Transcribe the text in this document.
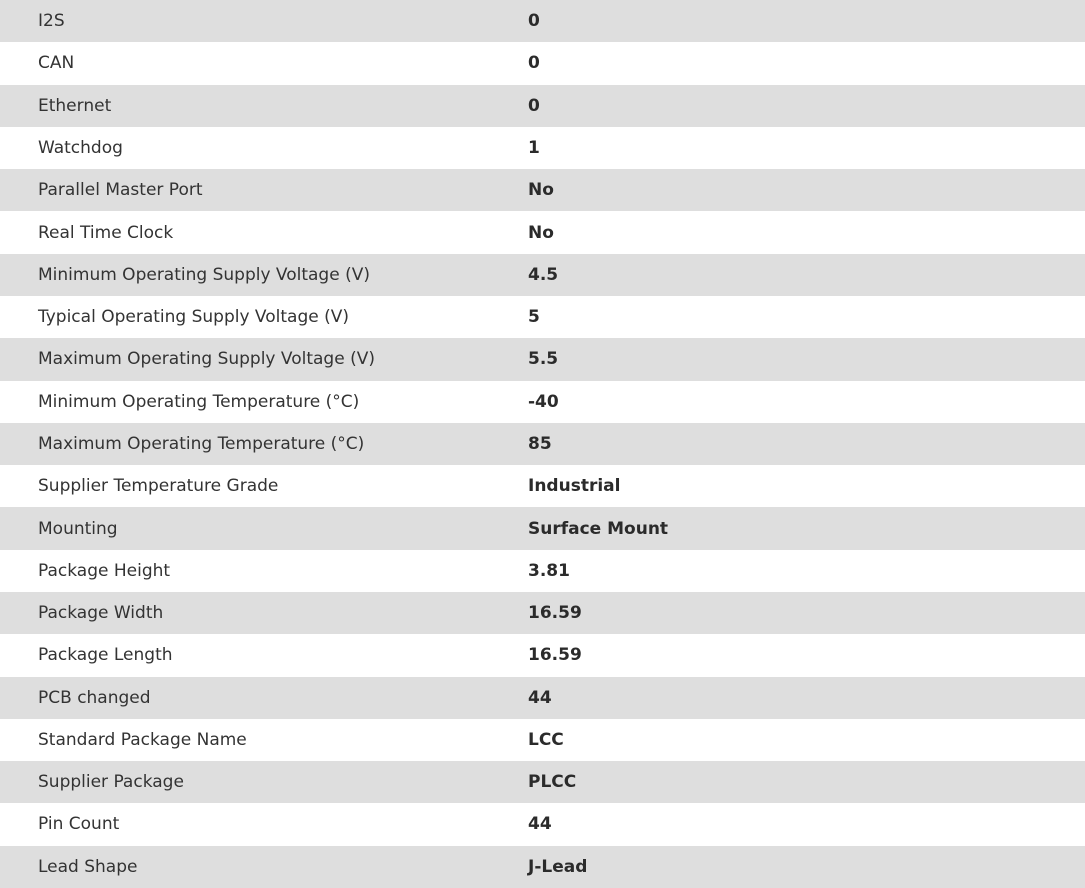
I2S	0
CAN	0
Ethernet	0
Watchdog	1
Parallel Master Port	No
Real Time Clock	No
Minimum Operating Supply Voltage (V)	4.5
Typical Operating Supply Voltage (V)	5
Maximum Operating Supply Voltage (V)	5.5
Minimum Operating Temperature (°C)	-40
Maximum Operating Temperature (°C)	85
Supplier Temperature Grade	Industrial
Mounting	Surface Mount
Package Height	3.81
Package Width	16.59
Package Length	16.59
PCB changed	44
Standard Package Name	LCC
Supplier Package	PLCC
Pin Count	44
Lead Shape	J-Lead
